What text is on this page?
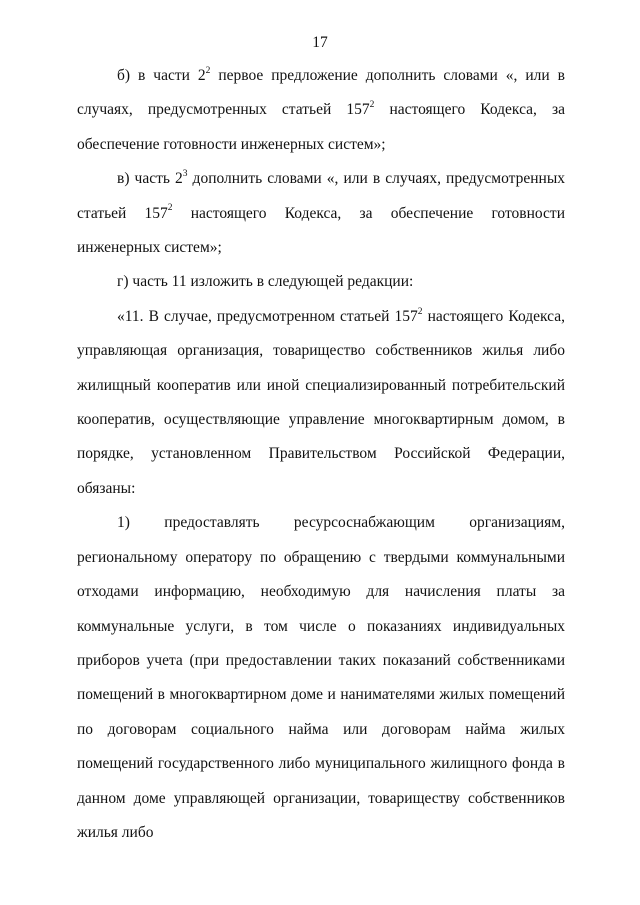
17

б) в части $2^2$ первое предложение дополнить словами «, или в случаях, предусмотренных статьей $157^2$ настоящего Кодекса, за обеспечение готовности инженерных систем»;

в) часть $2^3$ дополнить словами «, или в случаях, предусмотренных статьей $157^2$ настоящего Кодекса, за обеспечение готовности инженерных систем»;

г) часть 11 изложить в следующей редакции:

«11. В случае, предусмотренном статьей $157^2$ настоящего Кодекса, управляющая организация, товарищество собственников жилья либо жилищный кооператив или иной специализированный потребительский кооператив, осуществляющие управление многоквартирным домом, в порядке, установленном Правительством Российской Федерации, обязаны:

1) предоставлять ресурсоснабжающим организациям, региональному оператору по обращению с твердыми коммунальными отходами информацию, необходимую для начисления платы за коммунальные услуги, в том числе о показаниях индивидуальных приборов учета (при предоставлении таких показаний собственниками помещений в многоквартирном доме и нанимателями жилых помещений по договорам социального найма или договорам найма жилых помещений государственного либо муниципального жилищного фонда в данном доме управляющей организации, товариществу собственников жилья либо
